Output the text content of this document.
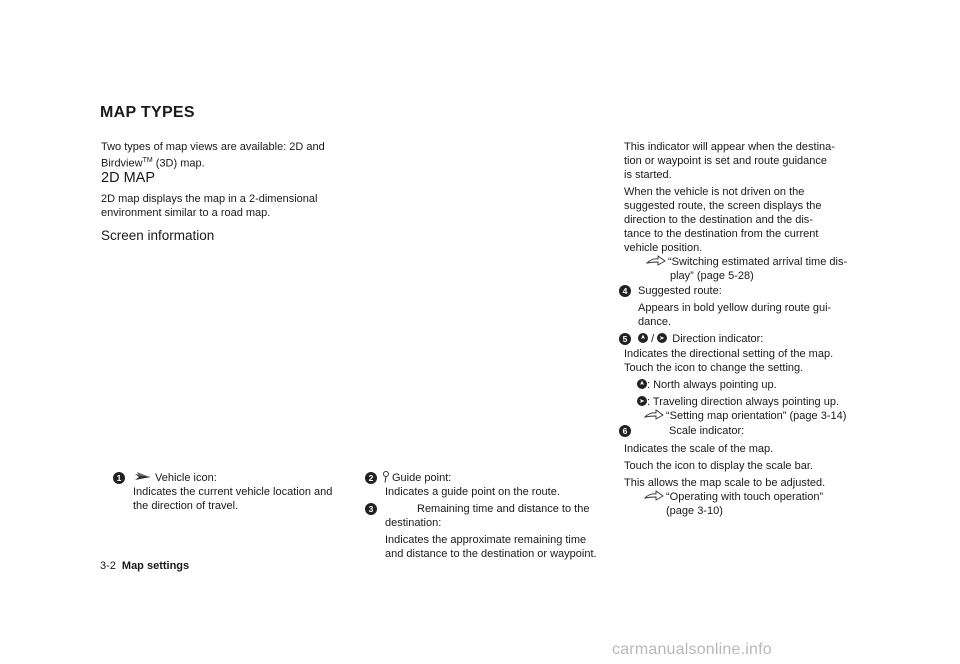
MAP TYPES

Two types of map views are available: 2D and

Birdview™ (3D) map.

2D MAP

2D map displays the map in a 2-dimensional

environment similar to a road map.

Screen information
1	Vehicle icon:

Indicates the current vehicle location and

the direction of travel.

2	Guide point:

Indicates a guide point on the route.

3	Remaining time and distance to the

destination:

Indicates the approximate remaining time

and distance to the destination or waypoint.

This indicator will appear when the destina-

tion or waypoint is set and route guidance

is started.

When the vehicle is not driven on the

suggested route, the screen displays the

direction to the destination and the dis-

tance to the destination from the current

vehicle position.

“Switching estimated arrival time dis-

play” (page 5-28)

4 Suggested route:

Appears in bold yellow during route gui-

dance.

5	/ Direction indicator:

Indicates the directional setting of the map.

Touch the icon to change the setting.

: North always pointing up.

: Traveling direction always pointing up.

“Setting map orientation” (page 3-14)

6	Scale indicator:

Indicates the scale of the map.

Touch the icon to display the scale bar.

This allows the map scale to be adjusted.

“Operating with touch operation”

(page 3-10)

3-2 Map settings
carmanualsonline.info
